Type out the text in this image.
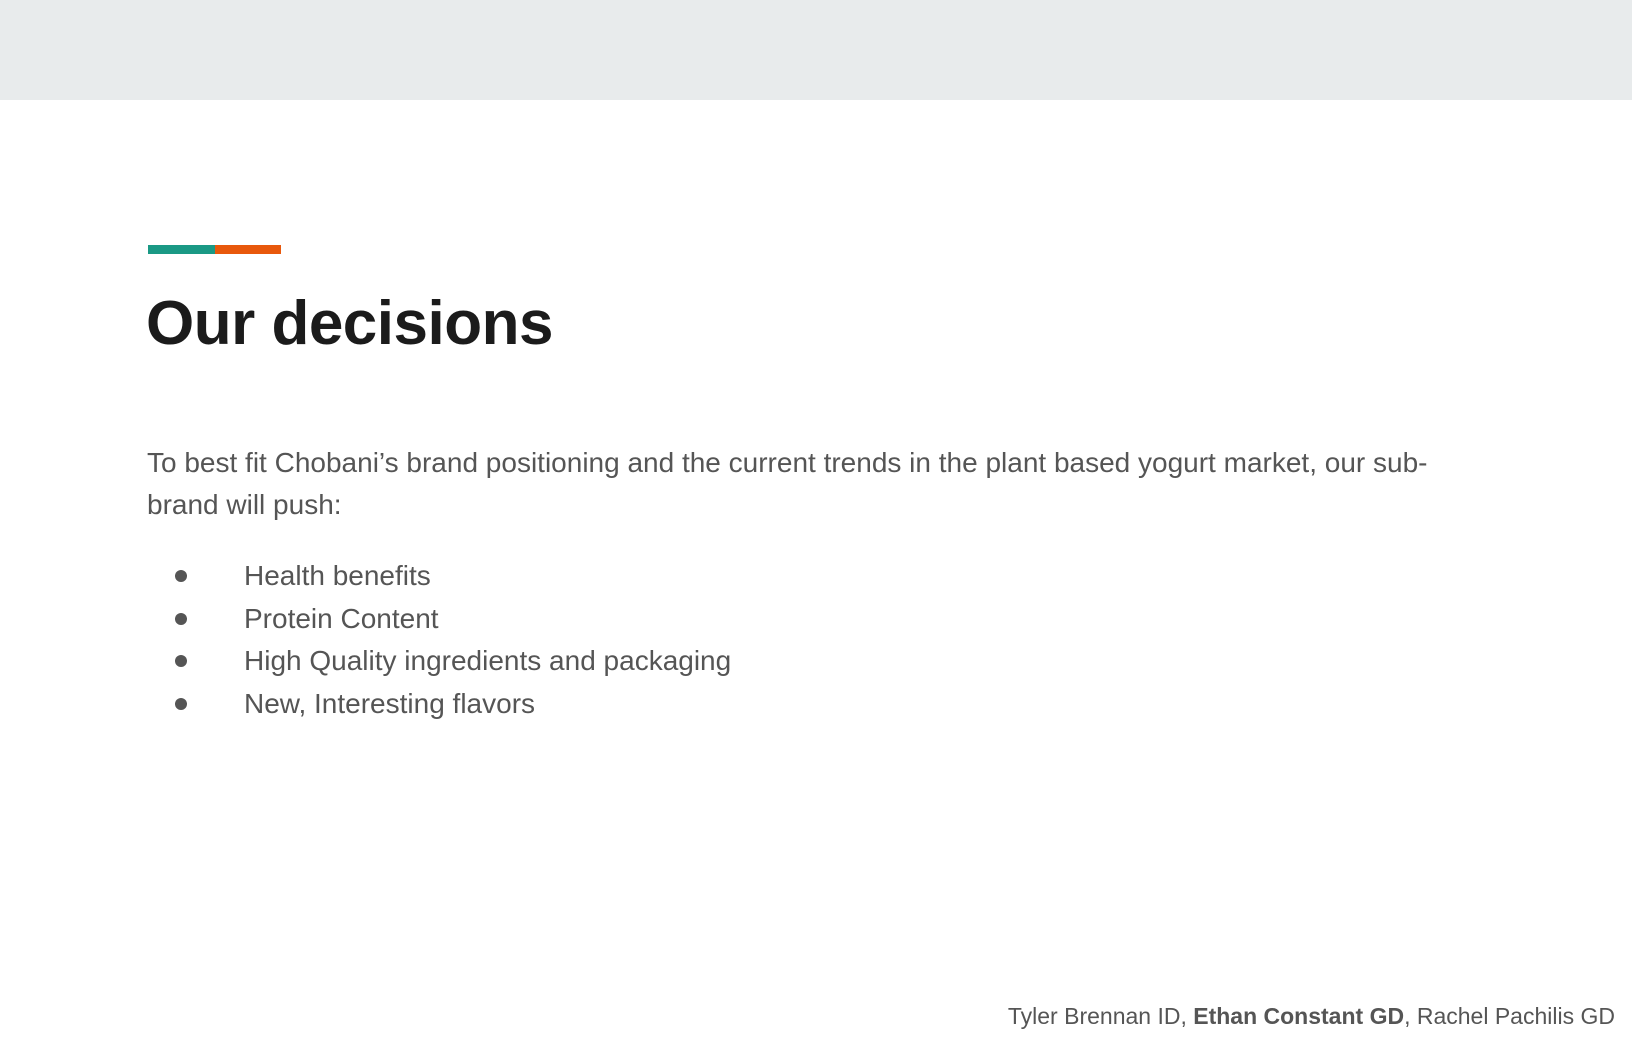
Our decisions

To best fit Chobani’s brand positioning and the current trends in the plant based yogurt market, our sub-brand will push:

Health benefits
Protein Content
High Quality ingredients and packaging
New, Interesting flavors
Tyler Brennan ID, Ethan Constant GD, Rachel Pachilis GD
